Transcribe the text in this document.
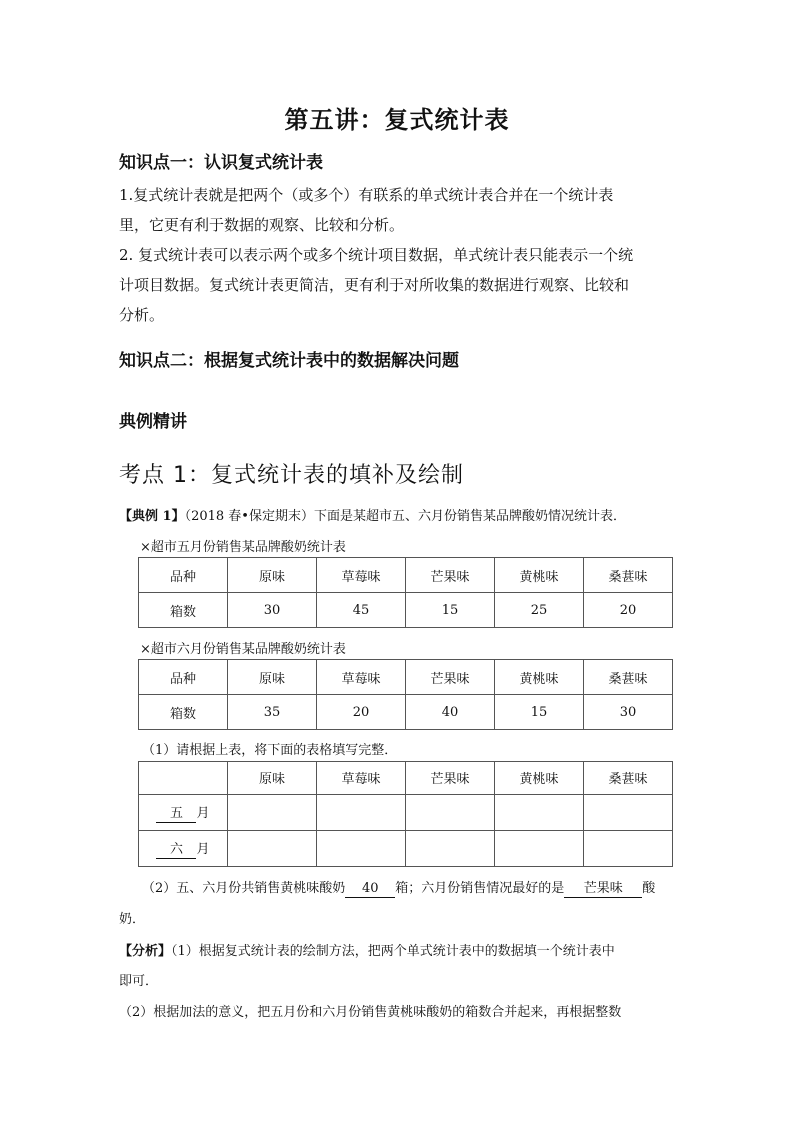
第五讲：复式统计表
知识点一：认识复式统计表

1.复式统计表就是把两个（或多个）有联系的单式统计表合并在一个统计表

里，它更有利于数据的观察、比较和分析。

2. 复式统计表可以表示两个或多个统计项目数据，单式统计表只能表示一个统

计项目数据。复式统计表更简洁，更有利于对所收集的数据进行观察、比较和

分析。

知识点二：根据复式统计表中的数据解决问题
典例精讲
考点 1：复式统计表的填补及绘制
【典例 1】（2018 春•保定期末）下面是某超市五、六月份销售某品牌酸奶情况统计表．
×超市五月份销售某品牌酸奶统计表
品种	原味	草莓味	芒果味	黄桃味	桑葚味
箱数	30	45	15	25	20
×超市六月份销售某品牌酸奶统计表
品种	原味	草莓味	芒果味	黄桃味	桑葚味
箱数	35	20	40	15	30
（1）请根据上表，将下面的表格填写完整．
	原味	草莓味	芒果味	黄桃味	桑葚味
五 月					
六 月					
（2）五、六月份共销售黄桃味酸奶 40 箱；六月份销售情况最好的是 芒果味 酸
奶．
【分析】（1）根据复式统计表的绘制方法，把两个单式统计表中的数据填一个统计表中
即可．
（2）根据加法的意义，把五月份和六月份销售黄桃味酸奶的箱数合并起来，再根据整数
